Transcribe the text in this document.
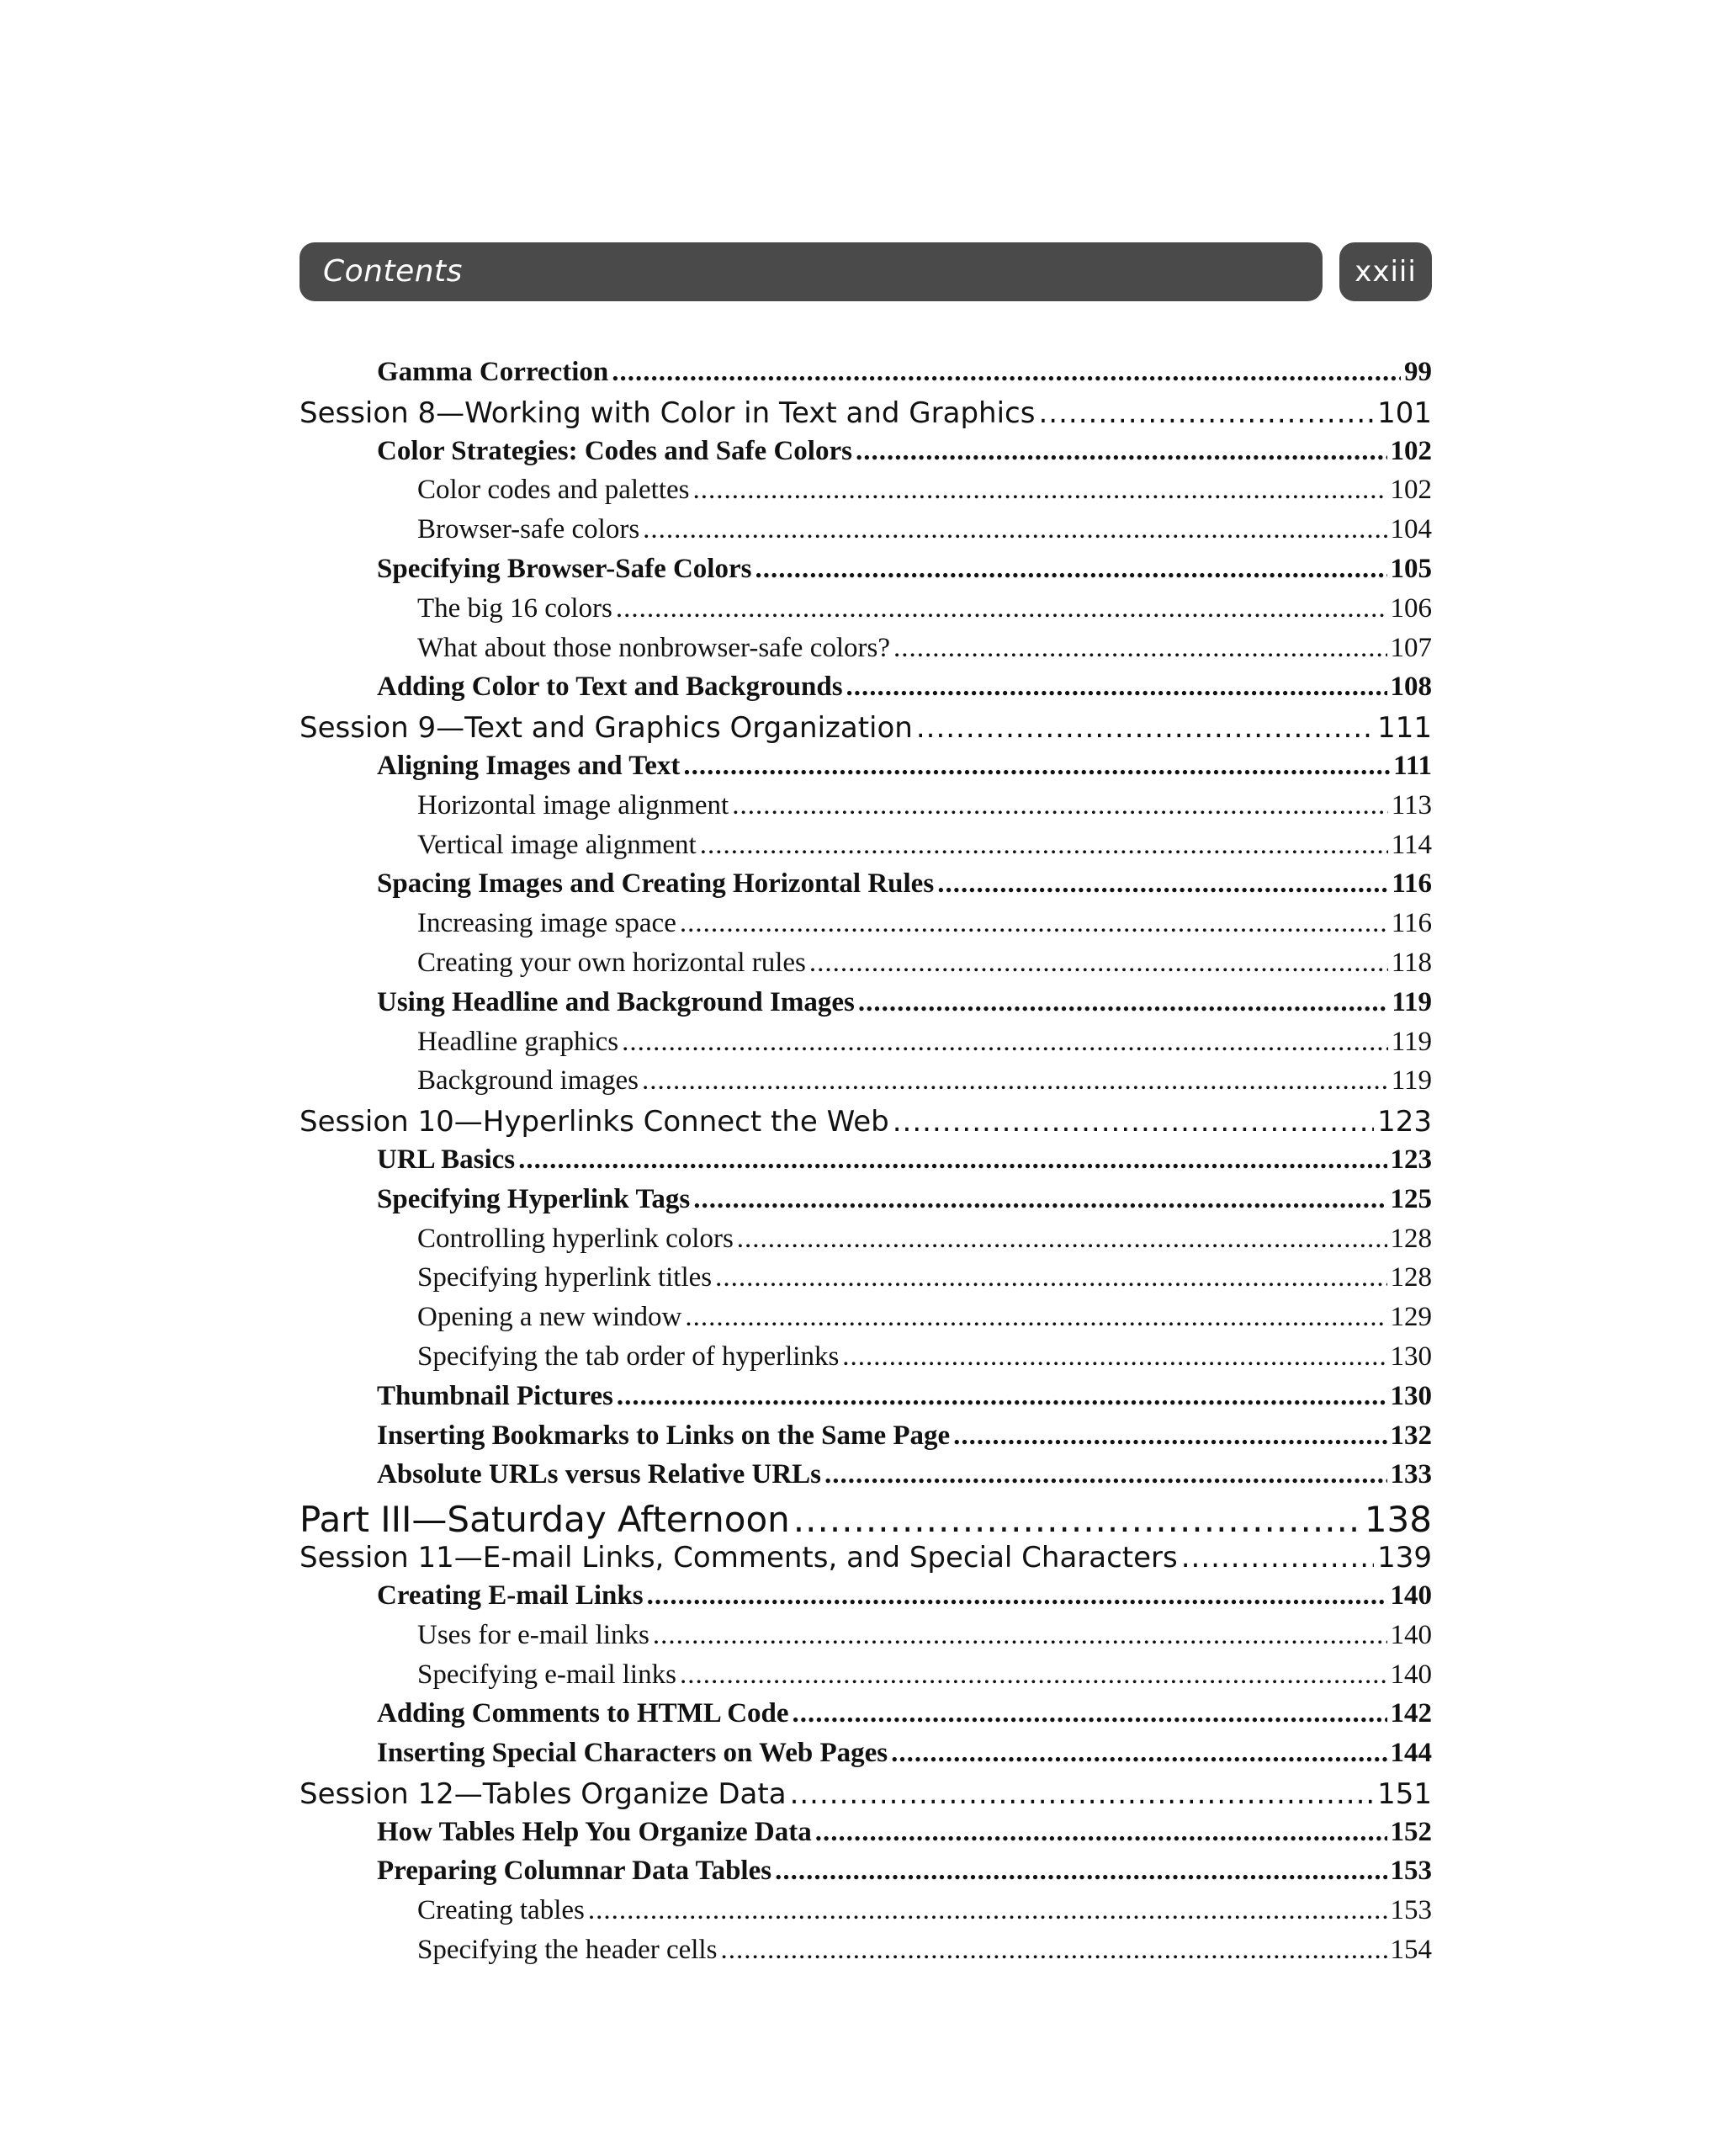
Contents	xxiii
Gamma Correction .....	99
Session 8—Working with Color in Text and Graphics .....	101
Color Strategies: Codes and Safe Colors .....	102
Color codes and palettes .....	102
Browser-safe colors .....	104
Specifying Browser-Safe Colors .....	105
The big 16 colors .....	106
What about those nonbrowser-safe colors? .....	107
Adding Color to Text and Backgrounds .....	108
Session 9—Text and Graphics Organization .....	111
Aligning Images and Text .....	111
Horizontal image alignment .....	113
Vertical image alignment .....	114
Spacing Images and Creating Horizontal Rules .....	116
Increasing image space .....	116
Creating your own horizontal rules .....	118
Using Headline and Background Images .....	119
Headline graphics .....	119
Background images .....	119
Session 10—Hyperlinks Connect the Web .....	123
URL Basics .....	123
Specifying Hyperlink Tags .....	125
Controlling hyperlink colors .....	128
Specifying hyperlink titles .....	128
Opening a new window .....	129
Specifying the tab order of hyperlinks .....	130
Thumbnail Pictures .....	130
Inserting Bookmarks to Links on the Same Page .....	132
Absolute URLs versus Relative URLs .....	133
Part III—Saturday Afternoon .....	138
Session 11—E-mail Links, Comments, and Special Characters .....	139
Creating E-mail Links .....	140
Uses for e-mail links .....	140
Specifying e-mail links .....	140
Adding Comments to HTML Code .....	142
Inserting Special Characters on Web Pages .....	144
Session 12—Tables Organize Data .....	151
How Tables Help You Organize Data .....	152
Preparing Columnar Data Tables .....	153
Creating tables .....	153
Specifying the header cells .....	154
